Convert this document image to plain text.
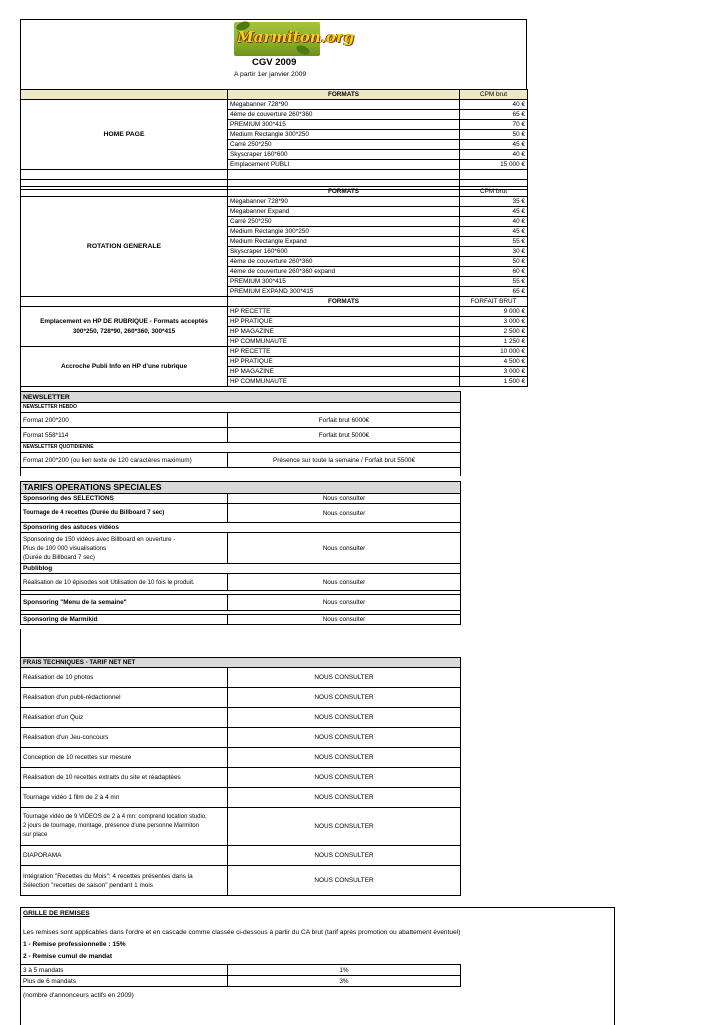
Marmiton.org
CGV 2009
A partir 1er janvier 2009
	FORMATS	CPM brut
HOME PAGE	Megabanner 728*90	40 €
	4ème de couverture 260*360	65 €
	PREMIUM 300*415	70 €
	Medium Rectangle 300*250	50 €
	Carré 250*250	45 €
	Skyscraper 160*600	40 €
	Emplacement PUBLI	15 000 €

	FORMATS	CPM brut
ROTATION GENERALE	Megabanner 728*90	35 €
	Megabanner Expand	45 €
	Carré 250*250	40 €
	Medium Rectangle 300*250	45 €
	Medium Rectangle Expand	55 €
	Skyscraper 160*600	30 €
	4ème de couverture 260*360	50 €
	4ème de couverture 260*360 expand	60 €
	PREMIUM 300*415	55 €
	PREMIUM EXPAND 300*415	65 €
	FORMATS	FORFAIT BRUT
Emplacement en HP DE RUBRIQUE - Formats acceptés 300*250, 728*90, 260*360, 300*415	HP RECETTE	9 000 €
	HP PRATIQUE	3 000 €
	HP MAGAZINE	2 500 €
	HP COMMUNAUTE	1 250 €
Accroche Publi Info en HP d'une rubrique	HP RECETTE	10 000 €
	HP PRATIQUE	4 500 €
	HP MAGAZINE	3 000 €
	HP COMMUNAUTE	1 500 €
NEWSLETTER	
NEWSLETTER HEBDO	
Format 200*200	Forfait brut 6000€
Format 558*114	Forfait brut 5000€
NEWSLETTER QUOTIDIENNE	
Format 200*200 (ou lien texte de 120 caractères maximum)	Présence sur toute la semaine / Forfait brut 5500€

TARIFS OPERATIONS SPECIALES	
Sponsoring des SELECTIONS	Nous consulter
Tournage de 4 recettes (Durée du Billboard 7 sec)	Nous consulter
Sponsoring des astuces vidéos	

Sponsoring de 150 vidéos avec Billboard en ouverture -
Plus de 100 000 visualisations
(Durée du Billboard 7 sec)	Nous consulter
Publiblog	
Réalisation de 10 épisodes soit Utilisation de 10 fois le produit.	Nous consulter

Sponsoring "Menu de la semaine"	Nous consulter

Sponsoring de Marmikid	Nous consulter
FRAIS TECHNIQUES - TARIF NET NET	
Réalisation de 10 photos	NOUS CONSULTER
Réalisation d'un publi-rédactionnel	NOUS CONSULTER
Réalisation d'un Quiz	NOUS CONSULTER
Réalisation d'un Jeu-concours	NOUS CONSULTER
Conception de 10 recettes sur mesure	NOUS CONSULTER
Réalisation de 10 recettes extraits du site et réadaptées	NOUS CONSULTER
Tournage vidéo 1 film de 2 à 4 mn	NOUS CONSULTER

Tournage vidéo de 9 VIDEOS de 2 à 4 mn: comprend location studio,
2 jours de tournage, montage, présence d'une personne Marmiton
sur place	NOUS CONSULTER
DIAPORAMA	NOUS CONSULTER

Intégration "Recettes du Mois": 4 recettes présentes dans la
Sélection "recettes de saison" pendant 1 mois	NOUS CONSULTER
GRILLE DE REMISES
Les remises sont applicables dans l'ordre et en cascade comme classée ci-dessous à partir du CA brut (tarif après promotion ou abattement éventuel)
1 - Remise professionnelle : 15%
2 - Remise cumul de mandat
3 à 5 mandats	1%
Plus de 6 mandats	3%
(nombre d'annonceurs actifs en 2009)
